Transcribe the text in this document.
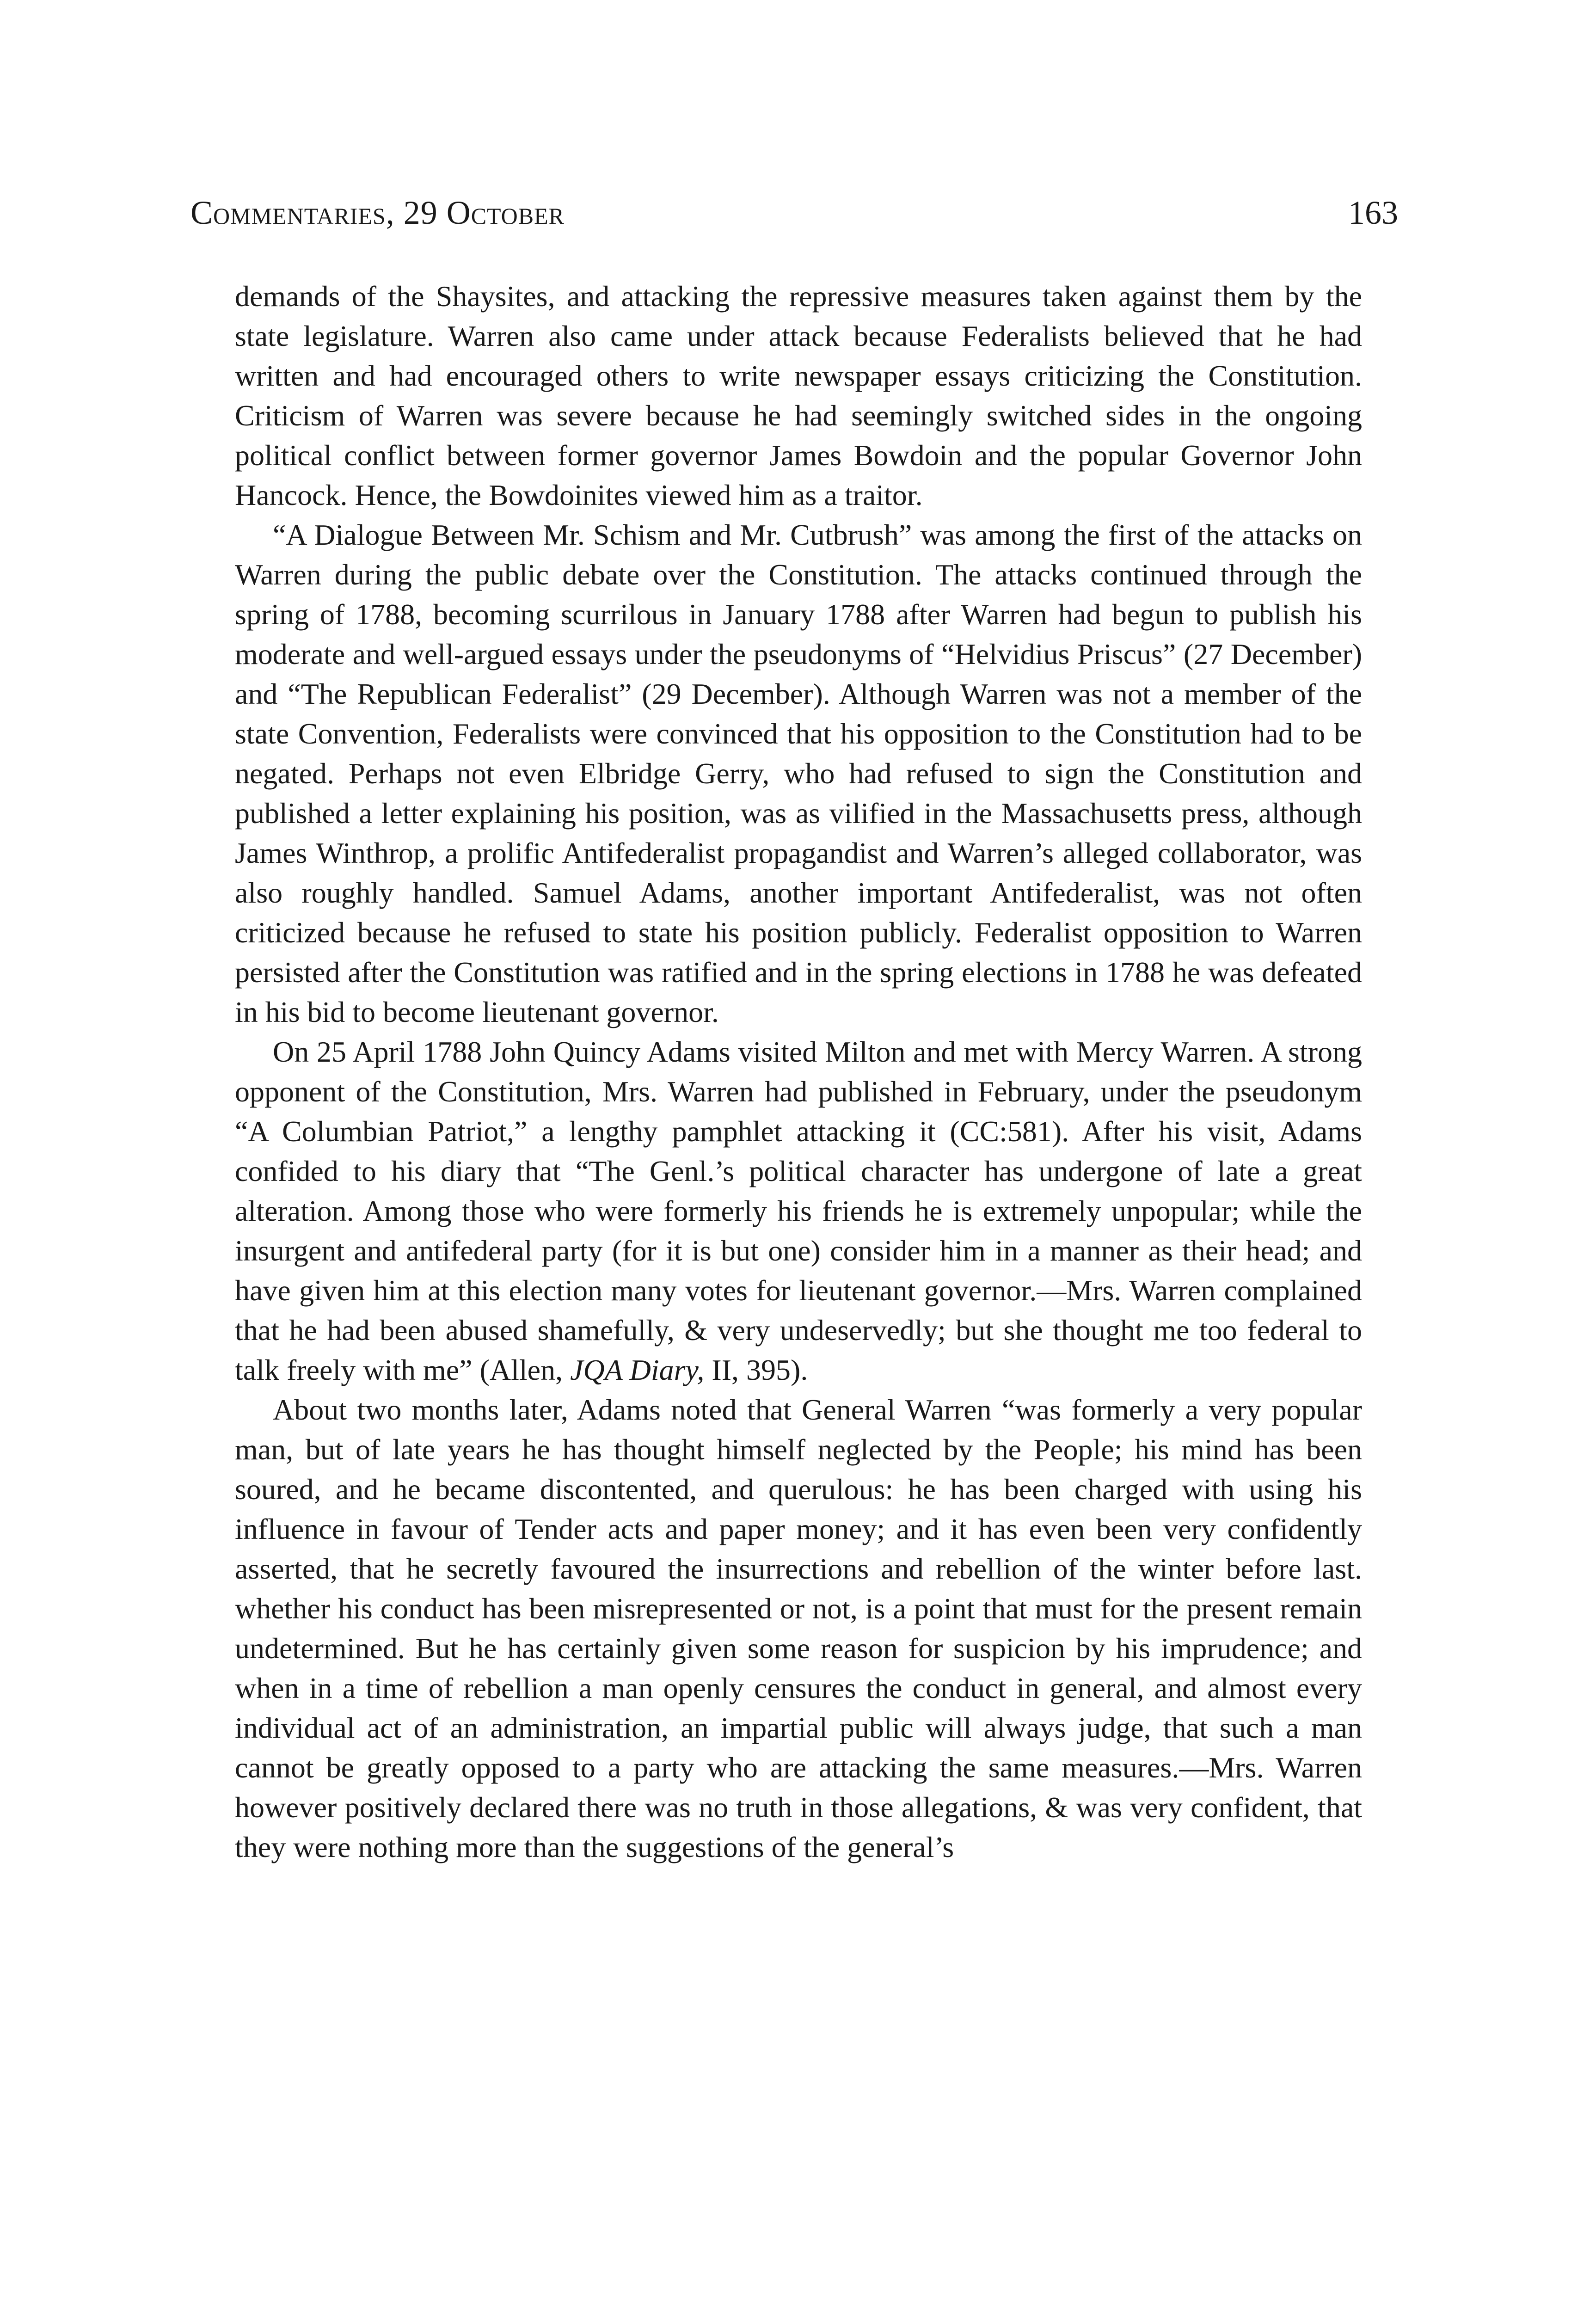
Commentaries, 29 October	163

demands of the Shaysites, and attacking the repressive measures taken against them by the state legislature. Warren also came under attack because Federalists believed that he had written and had encouraged others to write newspaper essays criticizing the Constitution. Criticism of Warren was severe because he had seemingly switched sides in the ongoing political conflict between former governor James Bowdoin and the popular Governor John Hancock. Hence, the Bowdoinites viewed him as a traitor.

“A Dialogue Between Mr. Schism and Mr. Cutbrush” was among the first of the attacks on Warren during the public debate over the Constitution. The attacks continued through the spring of 1788, becoming scurrilous in January 1788 after Warren had begun to publish his moderate and well-argued essays under the pseudonyms of “Helvidius Priscus” (27 December) and “The Republican Federalist” (29 December). Although Warren was not a member of the state Convention, Federalists were convinced that his opposition to the Constitution had to be negated. Perhaps not even Elbridge Gerry, who had refused to sign the Constitution and published a letter explaining his position, was as vilified in the Massachusetts press, although James Winthrop, a prolific Antifederalist propagandist and Warren’s alleged collaborator, was also roughly handled. Samuel Adams, another important Antifederalist, was not often criticized because he refused to state his position publicly. Federalist opposition to Warren persisted after the Constitution was ratified and in the spring elections in 1788 he was defeated in his bid to become lieutenant governor.

On 25 April 1788 John Quincy Adams visited Milton and met with Mercy Warren. A strong opponent of the Constitution, Mrs. Warren had published in February, under the pseudonym “A Columbian Patriot,” a lengthy pamphlet attacking it (CC:581). After his visit, Adams confided to his diary that “The Genl.’s political character has undergone of late a great alteration. Among those who were formerly his friends he is extremely unpopular; while the insurgent and antifederal party (for it is but one) consider him in a manner as their head; and have given him at this election many votes for lieutenant governor.—Mrs. Warren complained that he had been abused shamefully, & very undeservedly; but she thought me too federal to talk freely with me” (Allen, JQA Diary, II, 395).

About two months later, Adams noted that General Warren “was formerly a very popular man, but of late years he has thought himself neglected by the People; his mind has been soured, and he became discontented, and querulous: he has been charged with using his influence in favour of Tender acts and paper money; and it has even been very confidently asserted, that he secretly favoured the insurrections and rebellion of the winter before last. whether his conduct has been misrepresented or not, is a point that must for the present remain undetermined. But he has certainly given some reason for suspicion by his imprudence; and when in a time of rebellion a man openly censures the conduct in general, and almost every individual act of an administration, an impartial public will always judge, that such a man cannot be greatly opposed to a party who are attacking the same measures.—Mrs. Warren however positively declared there was no truth in those allegations, & was very confident, that they were nothing more than the suggestions of the general’s
